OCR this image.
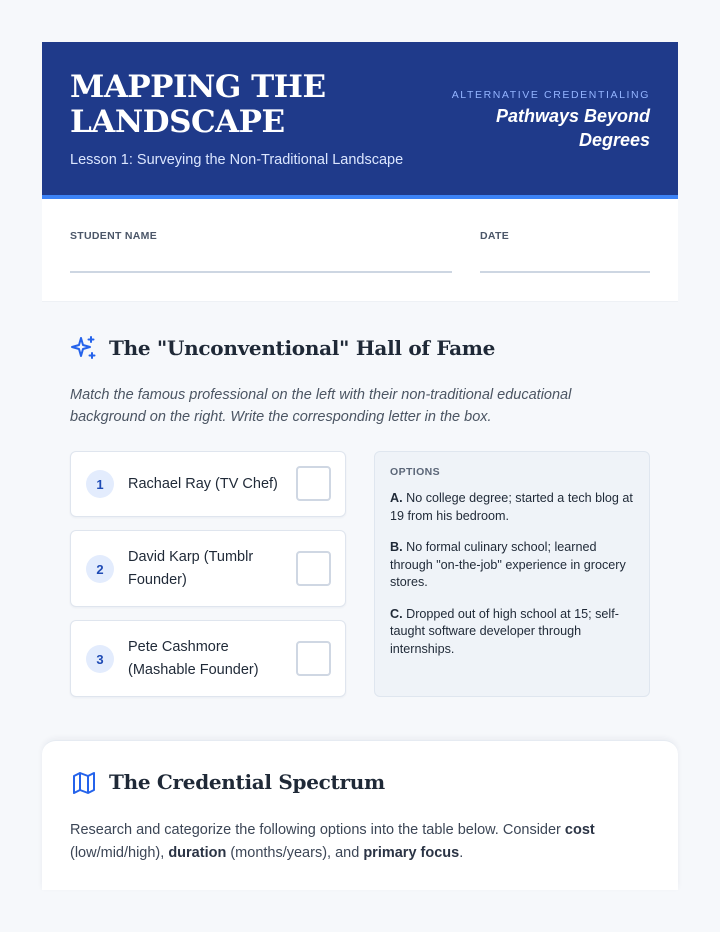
MAPPING THE
LANDSCAPE
Lesson 1: Surveying the Non-Traditional Landscape
ALTERNATIVE CREDENTIALING
Pathways Beyond Degrees
STUDENT NAME	DATE
The "Unconventional" Hall of Fame
Match the famous professional on the left with their non-traditional educational background on the right. Write the corresponding letter in the box.
1	Rachael Ray (TV Chef)
2
David Karp (Tumblr Founder)
3
Pete Cashmore (Mashable Founder)
OPTIONS
A. No college degree; started a tech blog at 19 from his bedroom.
B. No formal culinary school; learned through "on-the-job" experience in grocery stores.
C. Dropped out of high school at 15; self-taught software developer through internships.
The Credential Spectrum
Research and categorize the following options into the table below. Consider cost (low/mid/high), duration (months/years), and primary focus.
